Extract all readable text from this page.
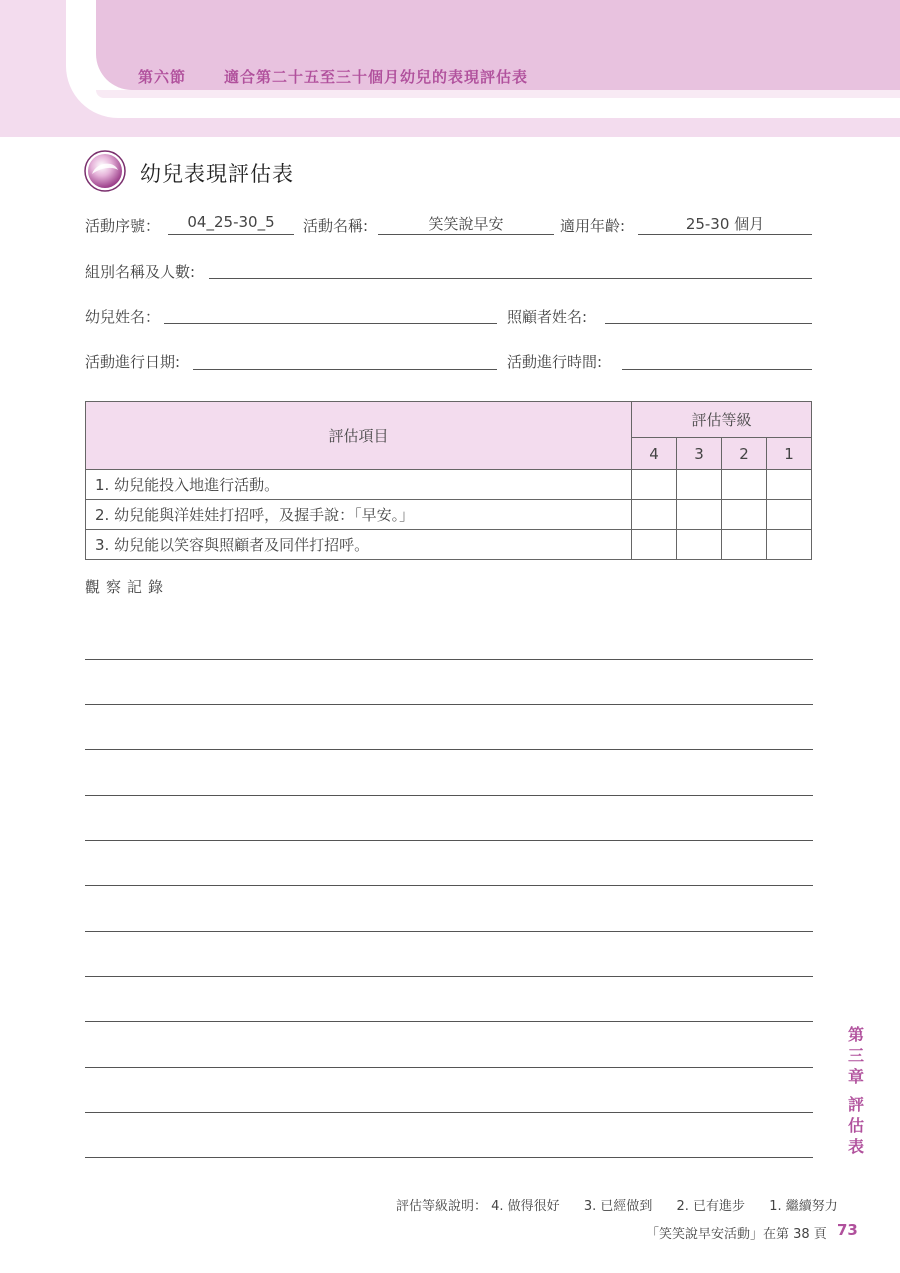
第六節	適合第二十五至三十個月幼兒的表現評估表
幼兒表現評估表
活動序號：	04_25-30_5	活動名稱:	笑笑說早安	適用年齡:	25-30 個月
組別名稱及人數:
幼兒姓名：	照顧者姓名:
活動進行日期:	活動進行時間:
評估項目	評估等級			
	4	3	2	1
1. 幼兒能投入地進行活動。				
2. 幼兒能與洋娃娃打招呼，及握手說：「早安。」				
3. 幼兒能以笑容與照顧者及同伴打招呼。				
觀察記錄
第三章
評估表
評估等級說明： 4. 做得很好 3. 已經做到 2. 已有進步 1. 繼續努力
「笑笑說早安活動」在第 38 頁 73
